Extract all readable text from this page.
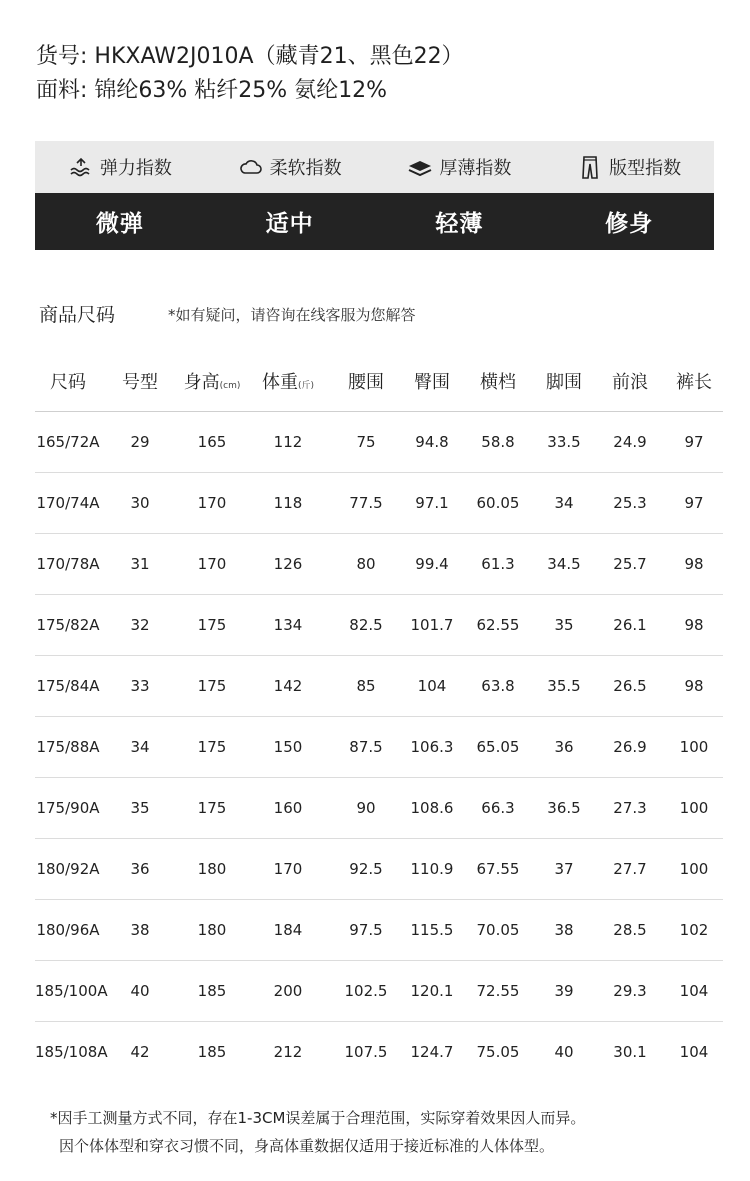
货号: HKXAW2J010A（藏青21、黑色22）
面料: 锦纶63% 粘纤25% 氨纶12%
弹力指数	柔软指数	厚薄指数	版型指数
微弹	适中	轻薄	修身
商品尺码	*如有疑问，请咨询在线客服为您解答
尺码	号型	身高(cm)	体重(斤)	腰围	臀围	横档	脚围	前浪	裤长
165/72A	29	165	112	75	94.8	58.8	33.5	24.9	97
170/74A	30	170	118	77.5	97.1	60.05	34	25.3	97
170/78A	31	170	126	80	99.4	61.3	34.5	25.7	98
175/82A	32	175	134	82.5	101.7	62.55	35	26.1	98
175/84A	33	175	142	85	104	63.8	35.5	26.5	98
175/88A	34	175	150	87.5	106.3	65.05	36	26.9	100
175/90A	35	175	160	90	108.6	66.3	36.5	27.3	100
180/92A	36	180	170	92.5	110.9	67.55	37	27.7	100
180/96A	38	180	184	97.5	115.5	70.05	38	28.5	102
185/100A	40	185	200	102.5	120.1	72.55	39	29.3	104
185/108A	42	185	212	107.5	124.7	75.05	40	30.1	104
*因手工测量方式不同，存在1-3CM误差属于合理范围，实际穿着效果因人而异。
因个体体型和穿衣习惯不同，身高体重数据仅适用于接近标准的人体体型。
